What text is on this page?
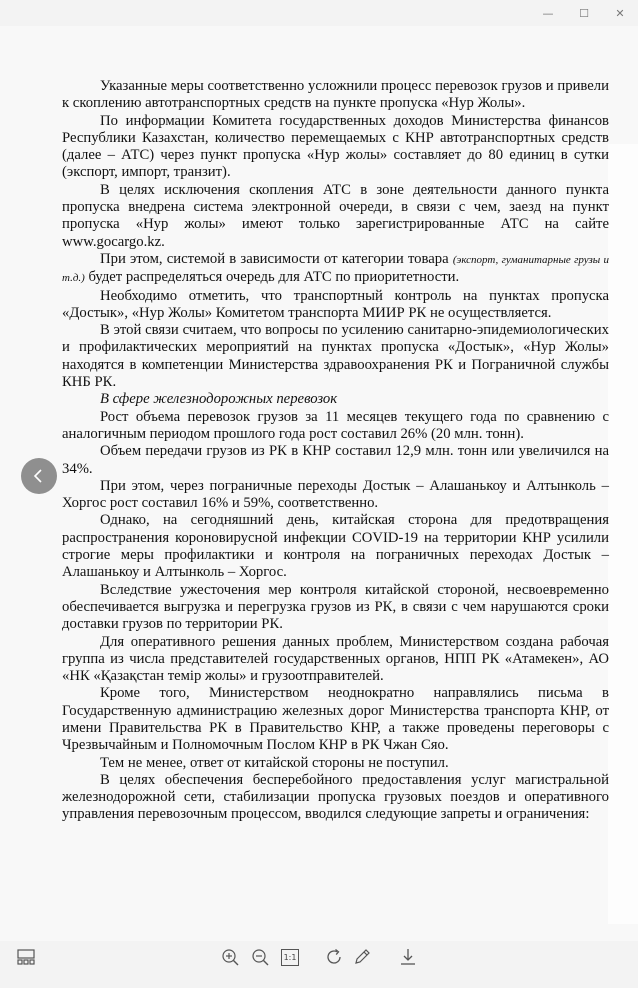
—	☐	✕

Указанные меры соответственно усложнили процесс перевозок грузов и привели к скоплению автотранспортных средств на пункте пропуска «Нур Жолы».

По информации Комитета государственных доходов Министерства финансов Республики Казахстан, количество перемещаемых с КНР автотранспортных средств (далее – АТС) через пункт пропуска «Нур жолы» составляет до 80 единиц в сутки (экспорт, импорт, транзит).

В целях исключения скопления АТС в зоне деятельности данного пункта пропуска внедрена система электронной очереди, в связи с чем, заезд на пункт пропуска «Нур жолы» имеют только зарегистрированные АТС на сайте www.gocargo.kz.

При этом, системой в зависимости от категории товара (экспорт, гуманитарные грузы и т.д.) будет распределяться очередь для АТС по приоритетности.

Необходимо отметить, что транспортный контроль на пунктах пропуска «Достык», «Нур Жолы» Комитетом транспорта МИИР РК не осуществляется.

В этой связи считаем, что вопросы по усилению санитарно-эпидемиологических и профилактических мероприятий на пунктах пропуска «Достык», «Нур Жолы» находятся в компетенции Министерства здравоохранения РК и Пограничной службы КНБ РК.

В сфере железнодорожных перевозок

Рост объема перевозок грузов за 11 месяцев текущего года по сравнению с аналогичным периодом прошлого года рост составил 26% (20 млн. тонн).

Объем передачи грузов из РК в КНР составил 12,9 млн. тонн или увеличился на 34%.

При этом, через пограничные переходы Достык – Алашанькоу и Алтынколь – Хоргос рост составил 16% и 59%, соответственно.

Однако, на сегодняшний день, китайская сторона для предотвращения распространения короновирусной инфекции COVID-19 на территории КНР усилили строгие меры профилактики и контроля на пограничных переходах Достык – Алашанькоу и Алтынколь – Хоргос.

Вследствие ужесточения мер контроля китайской стороной, несвоевременно обеспечивается выгрузка и перегрузка грузов из РК, в связи с чем нарушаются сроки доставки грузов по территории РК.

Для оперативного решения данных проблем, Министерством создана рабочая группа из числа представителей государственных органов, НПП РК «Атамекен», АО «НК «Қазақстан темір жолы» и грузоотправителей.

Кроме того, Министерством неоднократно направлялись письма в Государственную администрацию железных дорог Министерства транспорта КНР, от имени Правительства РК в Правительство КНР, а также проведены переговоры с Чрезвычайным и Полномочным Послом КНР в РК Чжан Сяо.

Тем не менее, ответ от китайской стороны не поступил.

В целях обеспечения бесперебойного предоставления услуг магистральной железнодорожной сети, стабилизации пропуска грузовых поездов и оперативного управления перевозочным процессом, вводился следующие запреты и ограничения:

1:1
